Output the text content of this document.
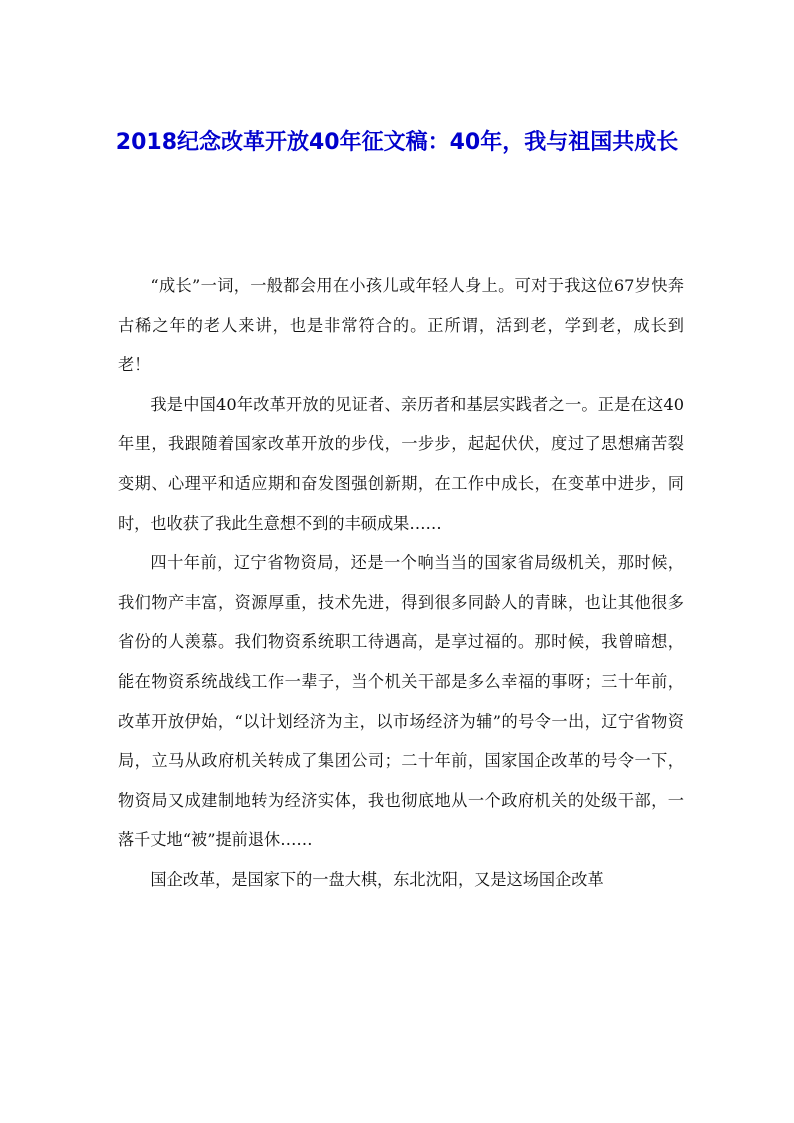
2018纪念改革开放40年征文稿：40年，我与祖国共成长

“成长”一词，一般都会用在小孩儿或年轻人身上。可对于我这位67岁快奔古稀之年的老人来讲，也是非常符合的。正所谓，活到老，学到老，成长到老！

我是中国40年改革开放的见证者、亲历者和基层实践者之一。正是在这40年里，我跟随着国家改革开放的步伐，一步步，起起伏伏，度过了思想痛苦裂变期、心理平和适应期和奋发图强创新期，在工作中成长，在变革中进步，同时，也收获了我此生意想不到的丰硕成果……

四十年前，辽宁省物资局，还是一个响当当的国家省局级机关，那时候，我们物产丰富，资源厚重，技术先进，得到很多同龄人的青睐，也让其他很多省份的人羡慕。我们物资系统职工待遇高，是享过福的。那时候，我曾暗想，能在物资系统战线工作一辈子，当个机关干部是多么幸福的事呀；三十年前，改革开放伊始，“以计划经济为主，以市场经济为辅”的号令一出，辽宁省物资局，立马从政府机关转成了集团公司；二十年前，国家国企改革的号令一下，物资局又成建制地转为经济实体，我也彻底地从一个政府机关的处级干部，一落千丈地“被”提前退休……

国企改革，是国家下的一盘大棋，东北沈阳，又是这场国企改革
